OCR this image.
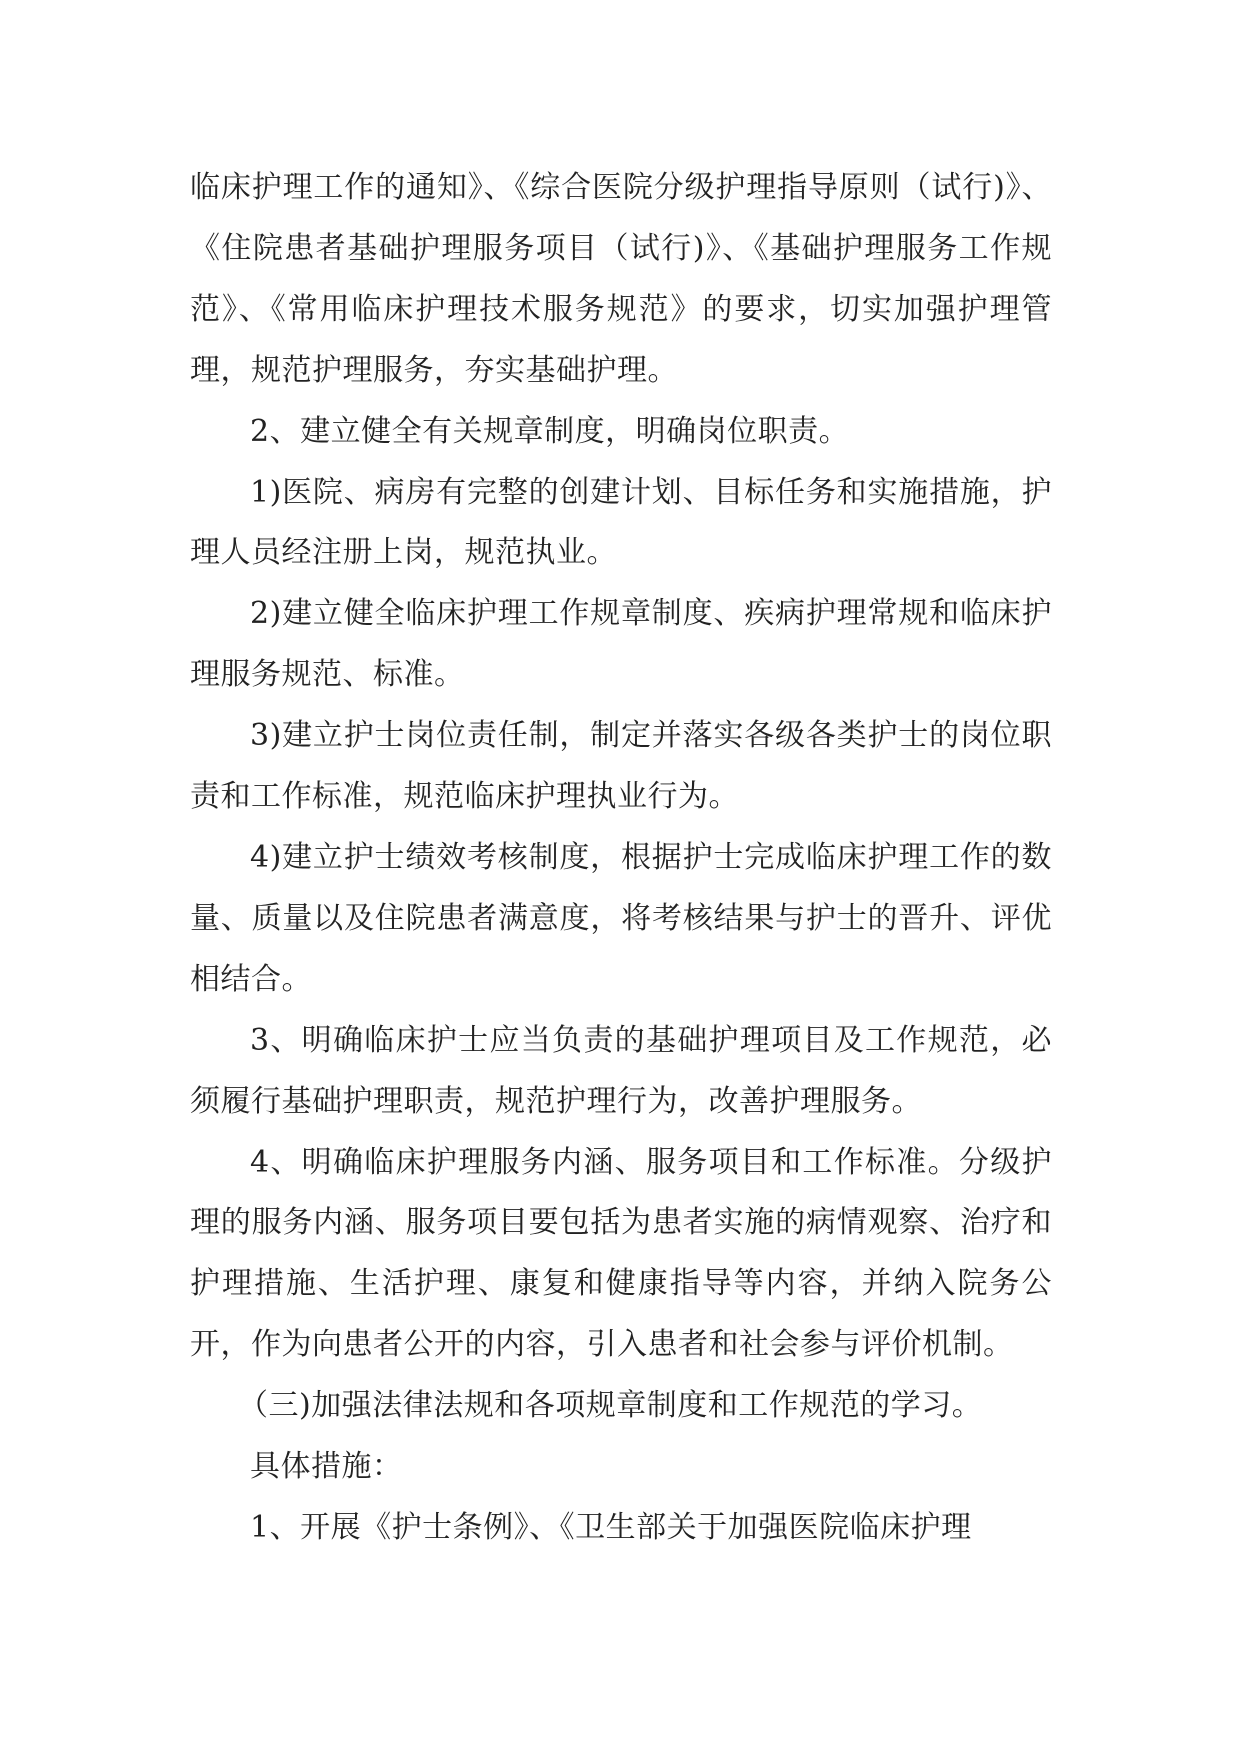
临床护理工作的通知》、《综合医院分级护理指导原则（试行)》、《住院患者基础护理服务项目（试行)》、《基础护理服务工作规范》、《常用临床护理技术服务规范》的要求，切实加强护理管理，规范护理服务，夯实基础护理。

2、建立健全有关规章制度，明确岗位职责。

1)医院、病房有完整的创建计划、目标任务和实施措施，护理人员经注册上岗，规范执业。

2)建立健全临床护理工作规章制度、疾病护理常规和临床护理服务规范、标准。

3)建立护士岗位责任制，制定并落实各级各类护士的岗位职责和工作标准，规范临床护理执业行为。

4)建立护士绩效考核制度，根据护士完成临床护理工作的数量、质量以及住院患者满意度，将考核结果与护士的晋升、评优相结合。

3、明确临床护士应当负责的基础护理项目及工作规范，必须履行基础护理职责，规范护理行为，改善护理服务。

4、明确临床护理服务内涵、服务项目和工作标准。分级护理的服务内涵、服务项目要包括为患者实施的病情观察、治疗和护理措施、生活护理、康复和健康指导等内容，并纳入院务公开，作为向患者公开的内容，引入患者和社会参与评价机制。

（三)加强法律法规和各项规章制度和工作规范的学习。

具体措施：

1、开展《护士条例》、《卫生部关于加强医院临床护理
